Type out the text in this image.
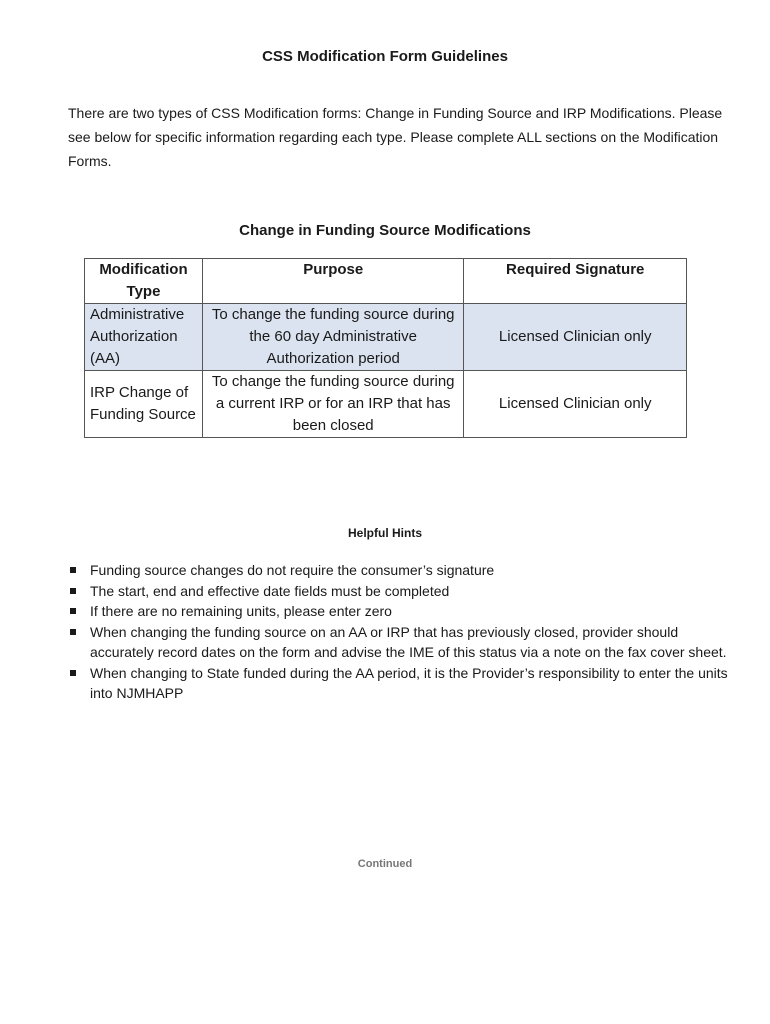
CSS Modification Form Guidelines
There are two types of CSS Modification forms: Change in Funding Source and IRP Modifications. Please see below for specific information regarding each type. Please complete ALL sections on the Modification Forms.
Change in Funding Source Modifications
Modification Type	Purpose	Required Signature
Administrative Authorization (AA)	To change the funding source during the 60 day Administrative Authorization period	Licensed Clinician only
IRP Change of Funding Source	To change the funding source during a current IRP or for an IRP that has been closed	Licensed Clinician only
Helpful Hints
Funding source changes do not require the consumer’s signature
The start, end and effective date fields must be completed
If there are no remaining units, please enter zero
When changing the funding source on an AA or IRP that has previously closed, provider should accurately record dates on the form and advise the IME of this status via a note on the fax cover sheet.
When changing to State funded during the AA period, it is the Provider’s responsibility to enter the units into NJMHAPP
Continued
